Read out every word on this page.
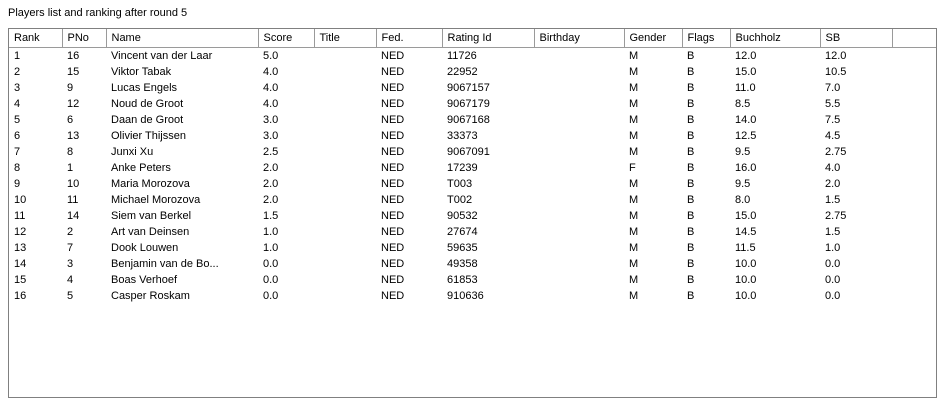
Players list and ranking after round 5
Rank	PNo	Name	Score	Title	Fed.	Rating Id	Birthday	Gender	Flags	Buchholz	SB	
1	16	Vincent van der Laar	5.0		NED	11726		M	B	12.0	12.0	
2	15	Viktor Tabak	4.0		NED	22952		M	B	15.0	10.5	
3	9	Lucas Engels	4.0		NED	9067157		M	B	11.0	7.0	
4	12	Noud de Groot	4.0		NED	9067179		M	B	8.5	5.5	
5	6	Daan de Groot	3.0		NED	9067168		M	B	14.0	7.5	
6	13	Olivier Thijssen	3.0		NED	33373		M	B	12.5	4.5	
7	8	Junxi Xu	2.5		NED	9067091		M	B	9.5	2.75	
8	1	Anke Peters	2.0		NED	17239		F	B	16.0	4.0	
9	10	Maria Morozova	2.0		NED	T003		M	B	9.5	2.0	
10	11	Michael Morozova	2.0		NED	T002		M	B	8.0	1.5	
11	14	Siem van Berkel	1.5		NED	90532		M	B	15.0	2.75	
12	2	Art van Deinsen	1.0		NED	27674		M	B	14.5	1.5	
13	7	Dook Louwen	1.0		NED	59635		M	B	11.5	1.0	
14	3	Benjamin van de Bo...	0.0		NED	49358		M	B	10.0	0.0	
15	4	Boas Verhoef	0.0		NED	61853		M	B	10.0	0.0	
16	5	Casper Roskam	0.0		NED	910636		M	B	10.0	0.0	
